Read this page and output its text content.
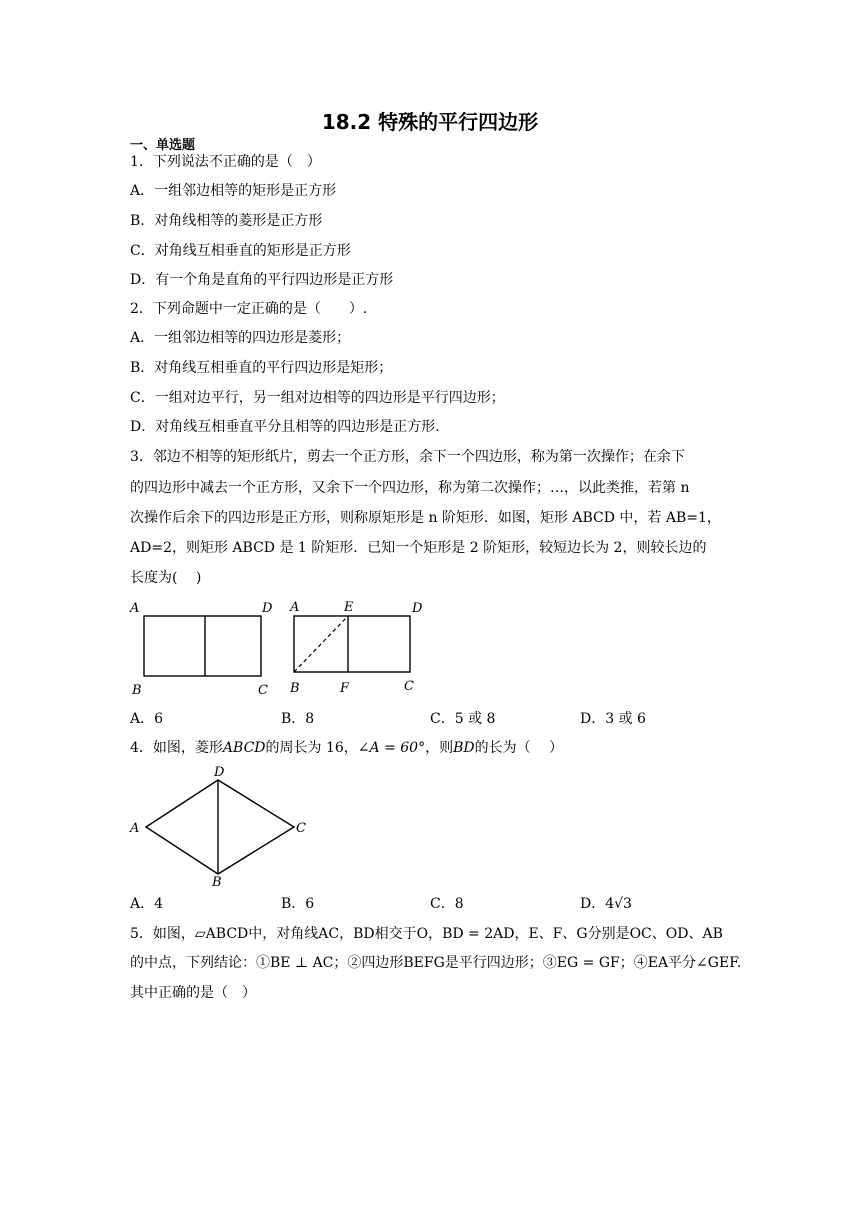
18.2 特殊的平行四边形
一、单选题
1．下列说法不正确的是（　）
A．一组邻边相等的矩形是正方形
B．对角线相等的菱形是正方形
C．对角线互相垂直的矩形是正方形
D．有一个角是直角的平行四边形是正方形
2．下列命题中一定正确的是（　　）.
A．一组邻边相等的四边形是菱形；
B．对角线互相垂直的平行四边形是矩形；
C．一组对边平行，另一组对边相等的四边形是平行四边形；
D．对角线互相垂直平分且相等的四边形是正方形.
3．邻边不相等的矩形纸片，剪去一个正方形，余下一个四边形，称为第一次操作；在余下
的四边形中减去一个正方形，又余下一个四边形，称为第二次操作；…，以此类推，若第 n
次操作后余下的四边形是正方形，则称原矩形是 n 阶矩形．如图，矩形 ABCD 中，若 AB=1，
AD=2，则矩形 ABCD 是 1 阶矩形．已知一个矩形是 2 阶矩形，较短边长为 2，则较长边的
长度为(　 )
A	D
B	C
A	E	D
B	F	C
A．6	B．8	C．5 或 8	D．3 或 6
4．如图，菱形ABCD的周长为 16，∠A = 60°，则BD的长为（　 ）
D
A	C
B
A．4	B．6	C．8	D．4√3
5．如图，▱ABCD中，对角线AC，BD相交于O，BD = 2AD，E、F、G分别是OC、OD、AB
的中点，下列结论：①BE ⊥ AC；②四边形BEFG是平行四边形；③EG = GF；④EA平分∠GEF.
其中正确的是（　）
